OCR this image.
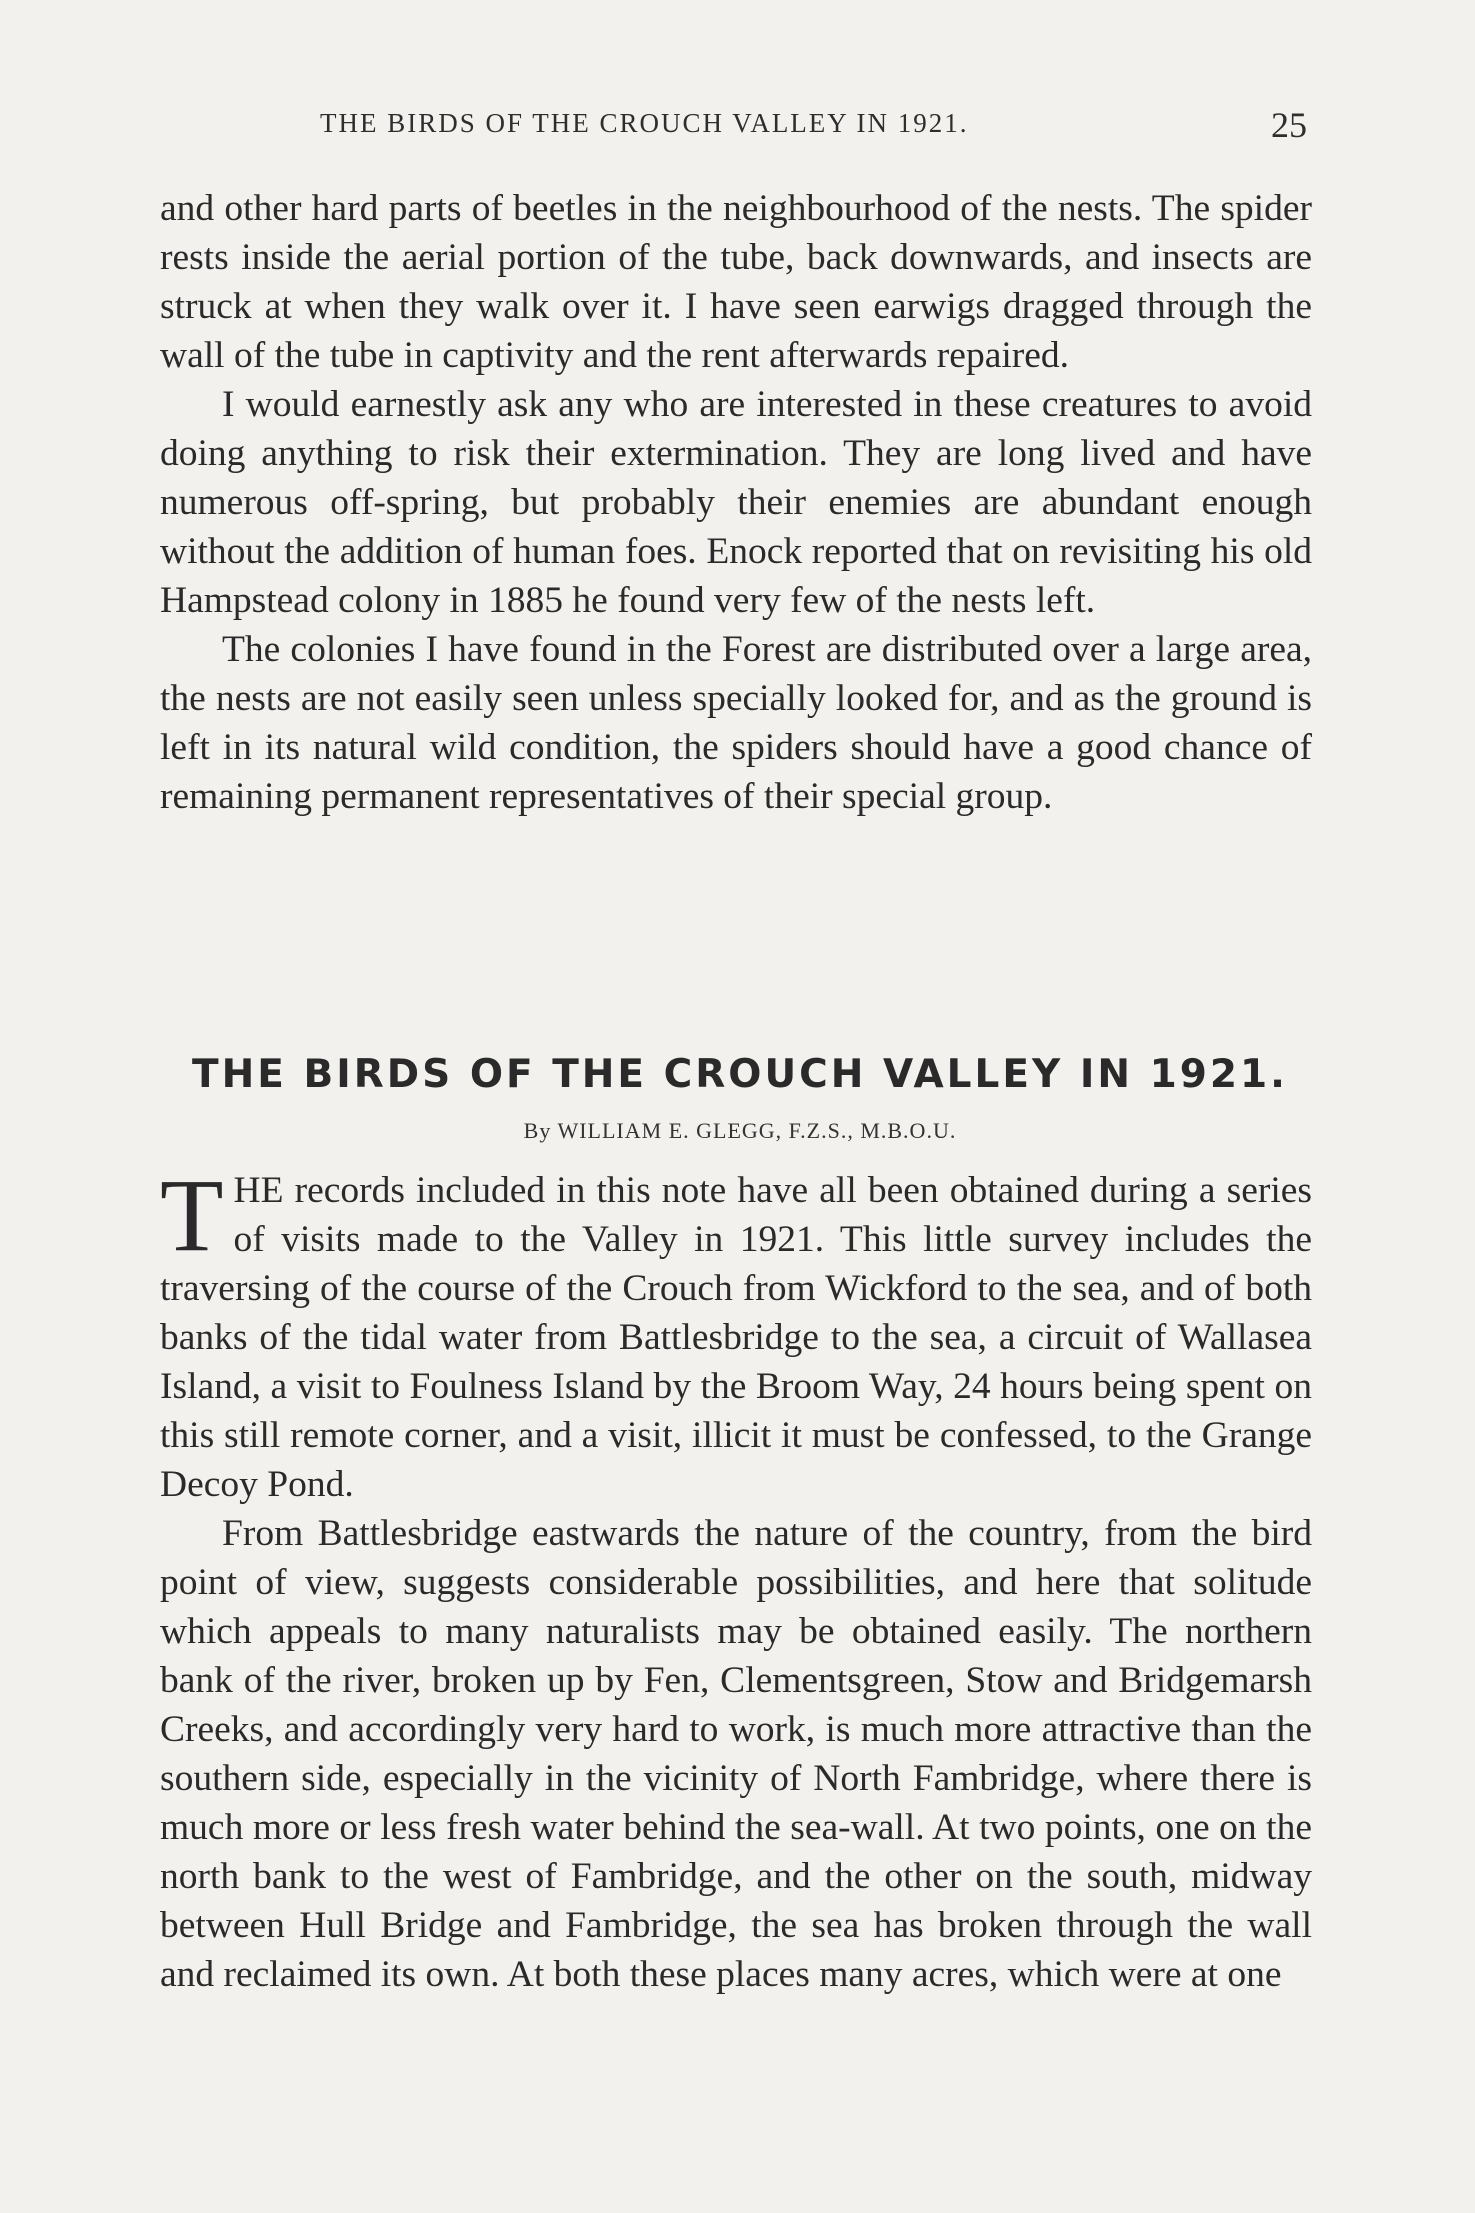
THE BIRDS OF THE CROUCH VALLEY IN 1921.	25

and other hard parts of beetles in the neighbourhood of the nests. The spider rests inside the aerial portion of the tube, back downwards, and insects are struck at when they walk over it. I have seen earwigs dragged through the wall of the tube in captivity and the rent afterwards repaired.

I would earnestly ask any who are interested in these creatures to avoid doing anything to risk their extermination. They are long lived and have numerous off-spring, but probably their enemies are abundant enough without the addition of human foes. Enock reported that on revisiting his old Hampstead colony in 1885 he found very few of the nests left.

The colonies I have found in the Forest are distributed over a large area, the nests are not easily seen unless specially looked for, and as the ground is left in its natural wild condition, the spiders should have a good chance of remaining permanent representatives of their special group.

THE BIRDS OF THE CROUCH VALLEY IN 1921.
By WILLIAM E. GLEGG, F.Z.S., M.B.O.U.

THE records included in this note have all been obtained during a series of visits made to the Valley in 1921. This little survey includes the traversing of the course of the Crouch from Wickford to the sea, and of both banks of the tidal water from Battlesbridge to the sea, a circuit of Wallasea Island, a visit to Foulness Island by the Broom Way, 24 hours being spent on this still remote corner, and a visit, illicit it must be confessed, to the Grange Decoy Pond.

From Battlesbridge eastwards the nature of the country, from the bird point of view, suggests considerable possibilities, and here that solitude which appeals to many naturalists may be obtained easily. The northern bank of the river, broken up by Fen, Clementsgreen, Stow and Bridgemarsh Creeks, and accordingly very hard to work, is much more attractive than the southern side, especially in the vicinity of North Fambridge, where there is much more or less fresh water behind the sea-wall. At two points, one on the north bank to the west of Fambridge, and the other on the south, midway between Hull Bridge and Fambridge, the sea has broken through the wall and reclaimed its own. At both these places many acres, which were at one
